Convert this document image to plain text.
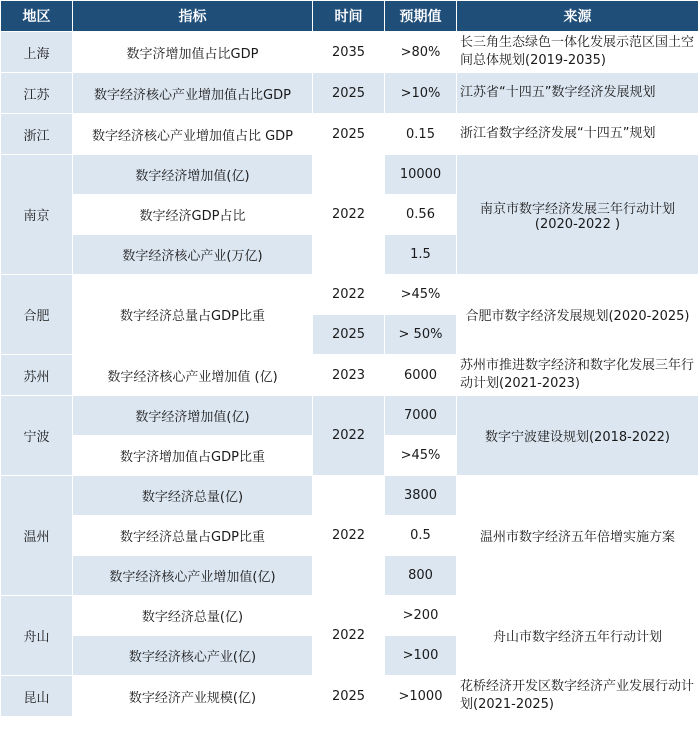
地区	指标	时间	预期值	来源
上海	数字济增加值占比GDP	2035	>80%	长三角生态绿色一体化发展示范区国土空间总体规划(2019-2035)
江苏	数字经济核心产业增加值占比GDP	2025	>10%	江苏省“十四五”数字经济发展规划
浙江	数字经济核心产业增加值占比 GDP	2025	0.15	浙江省数字经济发展“十四五”规划
南京	数字经济增加值(亿)	2022	10000	南京市数字经济发展三年行动计划(2020-2022 )
	数字经济GDP占比		0.56	
	数字经济核心产业(万亿)		1.5	
合肥	数字经济总量占GDP比重	2022	>45%	合肥市数字经济发展规划(2020-2025)
		2025	> 50%	
苏州	数字经济核心产业增加值 (亿)	2023	6000	苏州市推进数字经济和数字化发展三年行动计划(2021-2023)
宁波	数字经济增加值(亿)	2022	7000	数字宁波建设规划(2018-2022)
	数字济增加值占GDP比重		>45%	
温州	数字经济总量(亿)	2022	3800	温州市数字经济五年倍增实施方案
	数字经济总量占GDP比重		0.5	
	数字经济核心产业增加值(亿)		800	
舟山	数字经济总量(亿)	2022	>200	舟山市数字经济五年行动计划
	数字经济核心产业(亿)		>100	
昆山	数字经济产业规模(亿)	2025	>1000	花桥经济开发区数字经济产业发展行动计划(2021-2025)
